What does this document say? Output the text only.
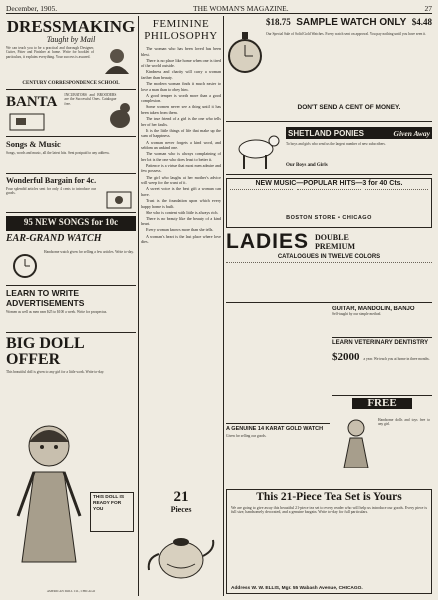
December, 1905.	THE WOMAN'S MAGAZINE.	27
DRESSMAKING
Taught by Mail
We can teach you to be a practical and thorough Designer, Cutter, Fitter and Finisher at home. Write for booklet of particulars, it explains everything. Your success is assured.
CENTURY CORRESPONDENCE SCHOOL
BANTA INCUBATORS and BROODERS are the Successful Ones. Catalogue free.
Songs & Music
Songs, words and music, all the latest hits. Sent postpaid to any address.
Wonderful Bargain for 4c.
Four splendid articles sent for only 4 cents to introduce our goods.
95 NEW SONGS for 10c
EAR-GRAND WATCH
Handsome watch given for selling a few articles. Write to-day.
LEARN TO WRITE ADVERTISEMENTS
Women as well as men earn $25 to $100 a week. Write for prospectus.
BIG DOLL OFFER
This beautiful doll is given to any girl for a little work. Write to-day.
THIS DOLL IS READY FOR YOU
AMERICAN DOLL CO., CHICAGO
FEMININE PHILOSOPHY

The woman who has been loved has been blest.

There is no place like home when one is tired of the world outside.

Kindness and charity will carry a woman farther than beauty.

The modern woman finds it much easier to love a man than to obey him.

A good temper is worth more than a good complexion.

Some women never see a thing until it has been taken from them.

The true friend of a girl is the one who tells her of her faults.

It is the little things of life that make up the sum of happiness.

A woman never forgets a kind word, and seldom an unkind one.

The woman who is always complaining of her lot is the one who does least to better it.

Patience is a virtue that most men admire and few possess.

The girl who laughs at her mother's advice will weep for the want of it.

A sweet voice is the best gift a woman can have.

Trust is the foundation upon which every happy home is built.

She who is content with little is always rich.

There is no beauty like the beauty of a kind heart.

Every woman knows more than she tells.

A woman's heart is the last place where love dies.

21
Pieces
$18.75 SAMPLE WATCH ONLY $4.48
Our Special Sale of Solid Gold Watches. Every watch sent on approval. You pay nothing until you have seen it.
DON'T SEND A CENT OF MONEY.
SHETLAND PONIES	Given Away
To boys and girls who send us the largest number of new subscribers.
Our Boys and Girls
NEW MUSIC—POPULAR HITS—3 for 40 Cts.
BOSTON STORE • CHICAGO
LADIES DOUBLE
PREMIUM
CATALOGUES IN TWELVE COLORS
A GENUINE 14 KARAT GOLD WATCH
Given for selling our goods.
GUITAR, MANDOLIN, BANJO
Self-taught by our simple method.
LEARN VETERINARY DENTISTRY
$2000 a year. We teach you at home in three months.
FREE
Handsome dolls and toys free to any girl.
This 21-Piece Tea Set is Yours
We are going to give away this beautiful 21-piece tea set to every reader who will help us introduce our goods. Every piece is full size, handsomely decorated, and a genuine bargain. Write to-day for full particulars.
Address W. W. ELLIS, Mgr. 55 Wabash Avenue, CHICAGO.
